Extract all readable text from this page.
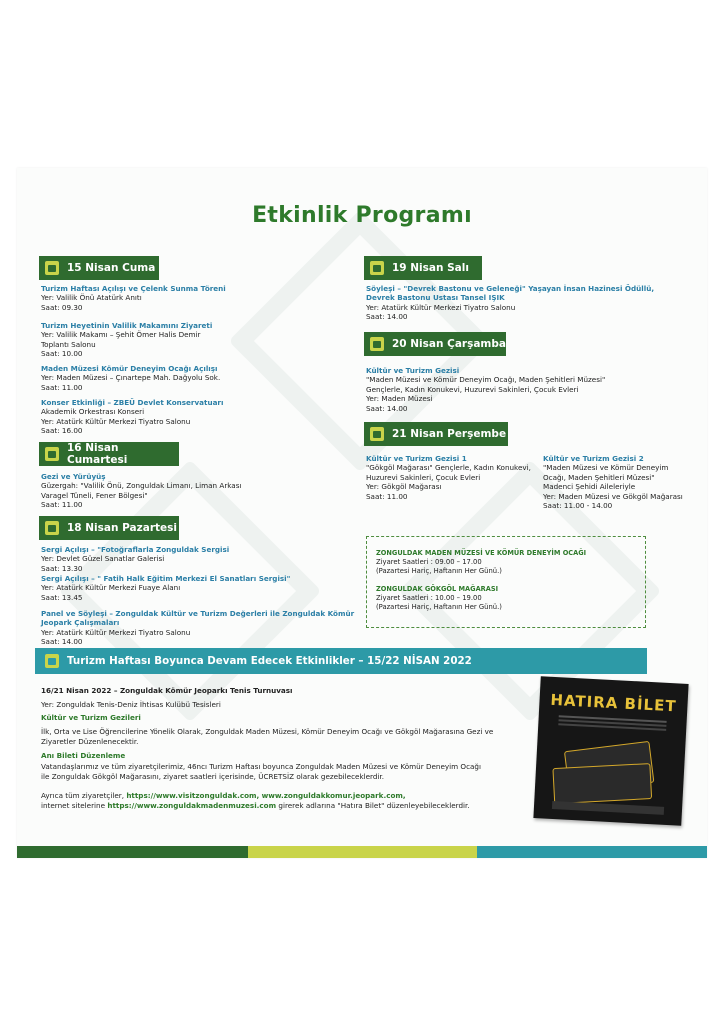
Etkinlik Programı
15 Nisan Cuma
Turizm Haftası Açılışı ve Çelenk Sunma Töreni
Yer: Valilik Önü Atatürk Anıtı
Saat: 09.30
Turizm Heyetinin Valilik Makamını Ziyareti
Yer: Valilik Makamı – Şehit Ömer Halis Demir
Toplantı Salonu
Saat: 10.00
Maden Müzesi Kömür Deneyim Ocağı Açılışı
Yer: Maden Müzesi – Çınartepe Mah. Dağyolu Sok.
Saat: 11.00
Konser Etkinliği – ZBEÜ Devlet Konservatuarı
Akademik Orkestrası Konseri
Yer: Atatürk Kültür Merkezi Tiyatro Salonu
Saat: 16.00
16 Nisan Cumartesi
Gezi ve Yürüyüş
Güzergah: "Valilik Önü, Zonguldak Limanı, Liman Arkası
Varagel Tüneli, Fener Bölgesi"
Saat: 11.00
18 Nisan Pazartesi
Sergi Açılışı – "Fotoğraflarla Zonguldak Sergisi
Yer: Devlet Güzel Sanatlar Galerisi
Saat: 13.30
Sergi Açılışı – " Fatih Halk Eğitim Merkezi El Sanatları Sergisi"
Yer: Atatürk Kültür Merkezi Fuaye Alanı
Saat: 13.45
Panel ve Söyleşi – Zonguldak Kültür ve Turizm Değerleri ile Zonguldak Kömür
Jeopark Çalışmaları
Yer: Atatürk Kültür Merkezi Tiyatro Salonu
Saat: 14.00
19 Nisan Salı
Söyleşi – "Devrek Bastonu ve Geleneği" Yaşayan İnsan Hazinesi Ödüllü,
Devrek Bastonu Ustası Tansel IŞIK
Yer: Atatürk Kültür Merkezi Tiyatro Salonu
Saat: 14.00
20 Nisan Çarşamba
Kültür ve Turizm Gezisi
"Maden Müzesi ve Kömür Deneyim Ocağı, Maden Şehitleri Müzesi"
Gençlerle, Kadın Konukevi, Huzurevi Sakinleri, Çocuk Evleri
Yer: Maden Müzesi
Saat: 14.00
21 Nisan Perşembe
Kültür ve Turizm Gezisi 1
"Gökgöl Mağarası" Gençlerle, Kadın Konukevi,
Huzurevi Sakinleri, Çocuk Evleri
Yer: Gökgöl Mağarası
Saat: 11.00
Kültür ve Turizm Gezisi 2
"Maden Müzesi ve Kömür Deneyim
Ocağı, Maden Şehitleri Müzesi"
Madenci Şehidi Aileleriyle
Yer: Maden Müzesi ve Gökgöl Mağarası
Saat: 11.00 - 14.00
ZONGULDAK MADEN MÜZESİ VE KÖMÜR DENEYİM OCAĞI
Ziyaret Saatleri : 09.00 – 17.00
(Pazartesi Hariç, Haftanın Her Günü.)
ZONGULDAK GÖKGÖL MAĞARASI
Ziyaret Saatleri : 10.00 – 19.00
(Pazartesi Hariç, Haftanın Her Günü.)
Turizm Haftası Boyunca Devam Edecek Etkinlikler – 15/22 NİSAN 2022
16/21 Nisan 2022 – Zonguldak Kömür Jeoparkı Tenis Turnuvası
Yer: Zonguldak Tenis-Deniz İhtisas Kulübü Tesisleri
Kültür ve Turizm Gezileri
İlk, Orta ve Lise Öğrencilerine Yönelik Olarak, Zonguldak Maden Müzesi, Kömür Deneyim Ocağı ve Gökgöl Mağarasına Gezi ve
Ziyaretler Düzenlenecektir.
Anı Bileti Düzenleme
Vatandaşlarımız ve tüm ziyaretçilerimiz, 46ncı Turizm Haftası boyunca Zonguldak Maden Müzesi ve Kömür Deneyim Ocağı
ile Zonguldak Gökgöl Mağarasını, ziyaret saatleri içerisinde, ÜCRETSİZ olarak gezebileceklerdir.
Ayrıca tüm ziyaretçiler, https://www.visitzonguldak.com, www.zonguldakkomur.jeopark.com,
internet sitelerine https://www.zonguldakmadenmuzesi.com girerek adlarına "Hatıra Bilet" düzenleyebileceklerdir.
HATIRA BİLET
